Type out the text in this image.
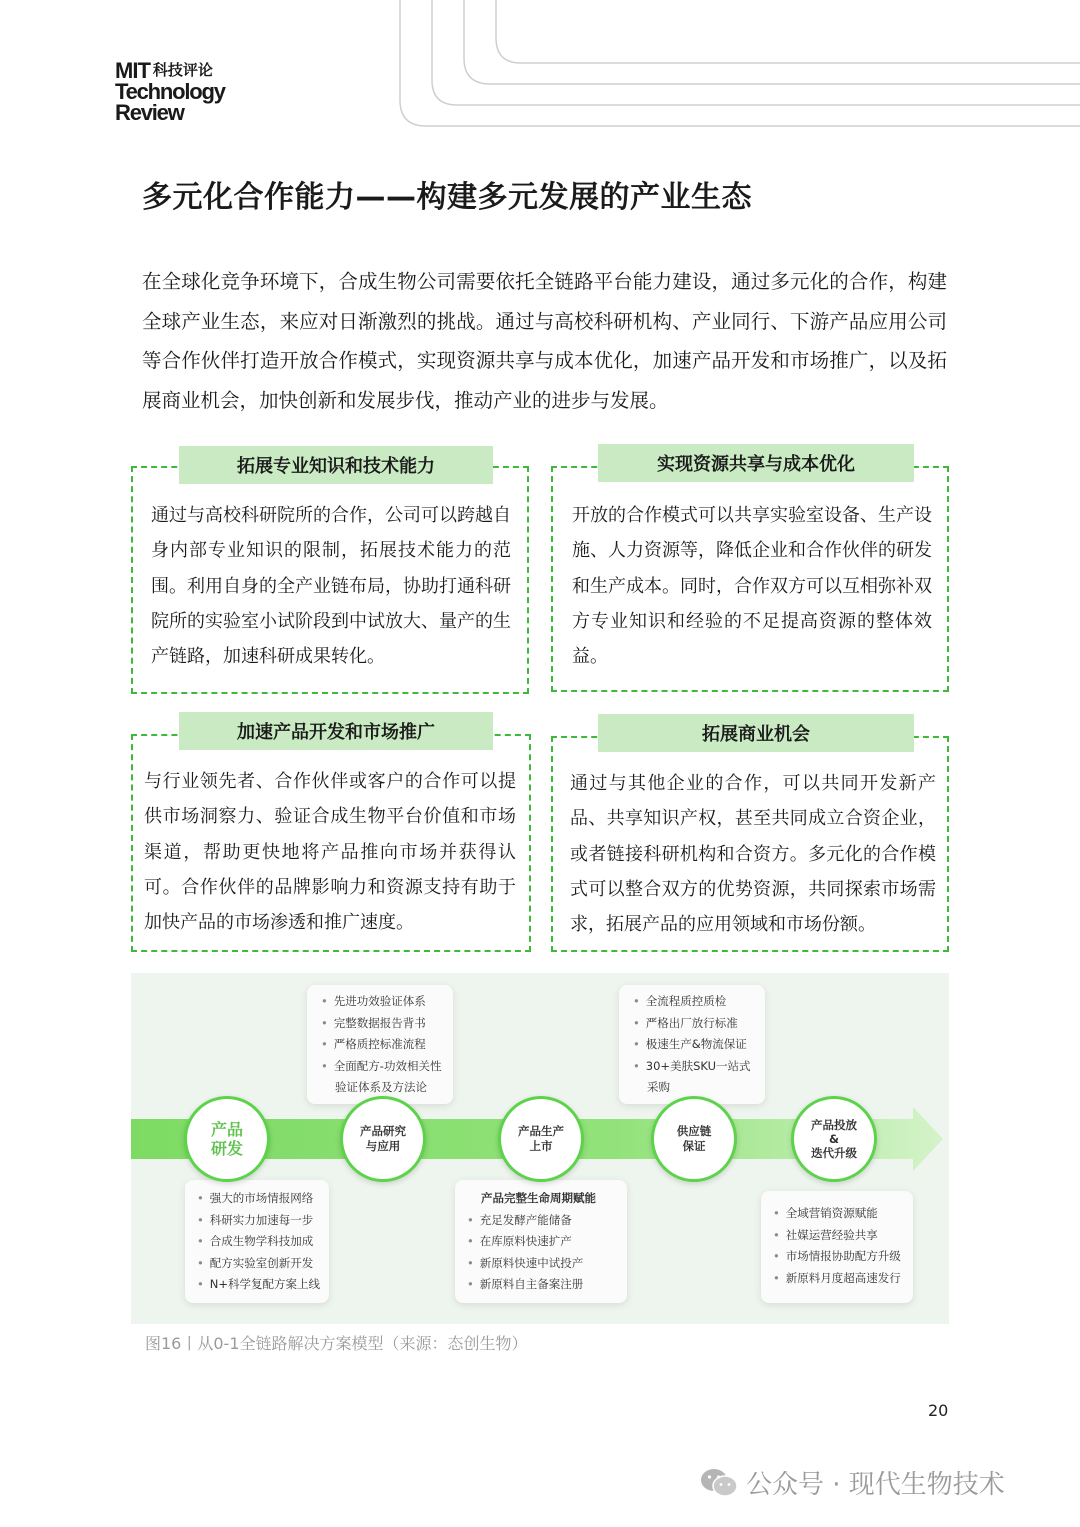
MIT 科技评论
Technology
Review
多元化合作能力——构建多元发展的产业生态
在全球化竞争环境下，合成生物公司需要依托全链路平台能力建设，通过多元化的合作，构建全球产业生态，来应对日渐激烈的挑战。通过与高校科研机构、产业同行、下游产品应用公司等合作伙伴打造开放合作模式，实现资源共享与成本优化，加速产品开发和市场推广，以及拓展商业机会，加快创新和发展步伐，推动产业的进步与发展。
拓展专业知识和技术能力
通过与高校科研院所的合作，公司可以跨越自身内部专业知识的限制，拓展技术能力的范围。利用自身的全产业链布局，协助打通科研院所的实验室小试阶段到中试放大、量产的生产链路，加速科研成果转化。
实现资源共享与成本优化
开放的合作模式可以共享实验室设备、生产设施、人力资源等，降低企业和合作伙伴的研发和生产成本。同时，合作双方可以互相弥补双方专业知识和经验的不足提高资源的整体效益。
加速产品开发和市场推广
与行业领先者、合作伙伴或客户的合作可以提供市场洞察力、验证合成生物平台价值和市场渠道，帮助更快地将产品推向市场并获得认可。合作伙伴的品牌影响力和资源支持有助于加快产品的市场渗透和推广速度。
拓展商业机会
通过与其他企业的合作，可以共同开发新产品、共享知识产权，甚至共同成立合资企业，或者链接科研机构和合资方。多元化的合作模式可以整合双方的优势资源，共同探索市场需求，拓展产品的应用领域和市场份额。
• 先进功效验证体系
• 完整数据报告背书
• 严格质控标准流程
• 全面配方-功效相关性
验证体系及方法论
• 全流程质控质检
• 严格出厂放行标准
• 极速生产&物流保证
• 30+美肤SKU一站式
采购
• 强大的市场情报网络
• 科研实力加速每一步
• 合成生物学科技加成
• 配方实验室创新开发
• N+科学复配方案上线
产品完整生命周期赋能
• 充足发酵产能储备
• 在库原料快速扩产
• 新原料快速中试投产
• 新原料自主备案注册
• 全域营销资源赋能
• 社媒运营经验共享
• 市场情报协助配方升级
• 新原料月度超高速发行
产品
研发
产品研究
与应用
产品生产
上市
供应链
保证
产品投放
&
迭代升级
图16丨从0-1全链路解决方案模型（来源：态创生物）
20
公众号 · 现代生物技术
